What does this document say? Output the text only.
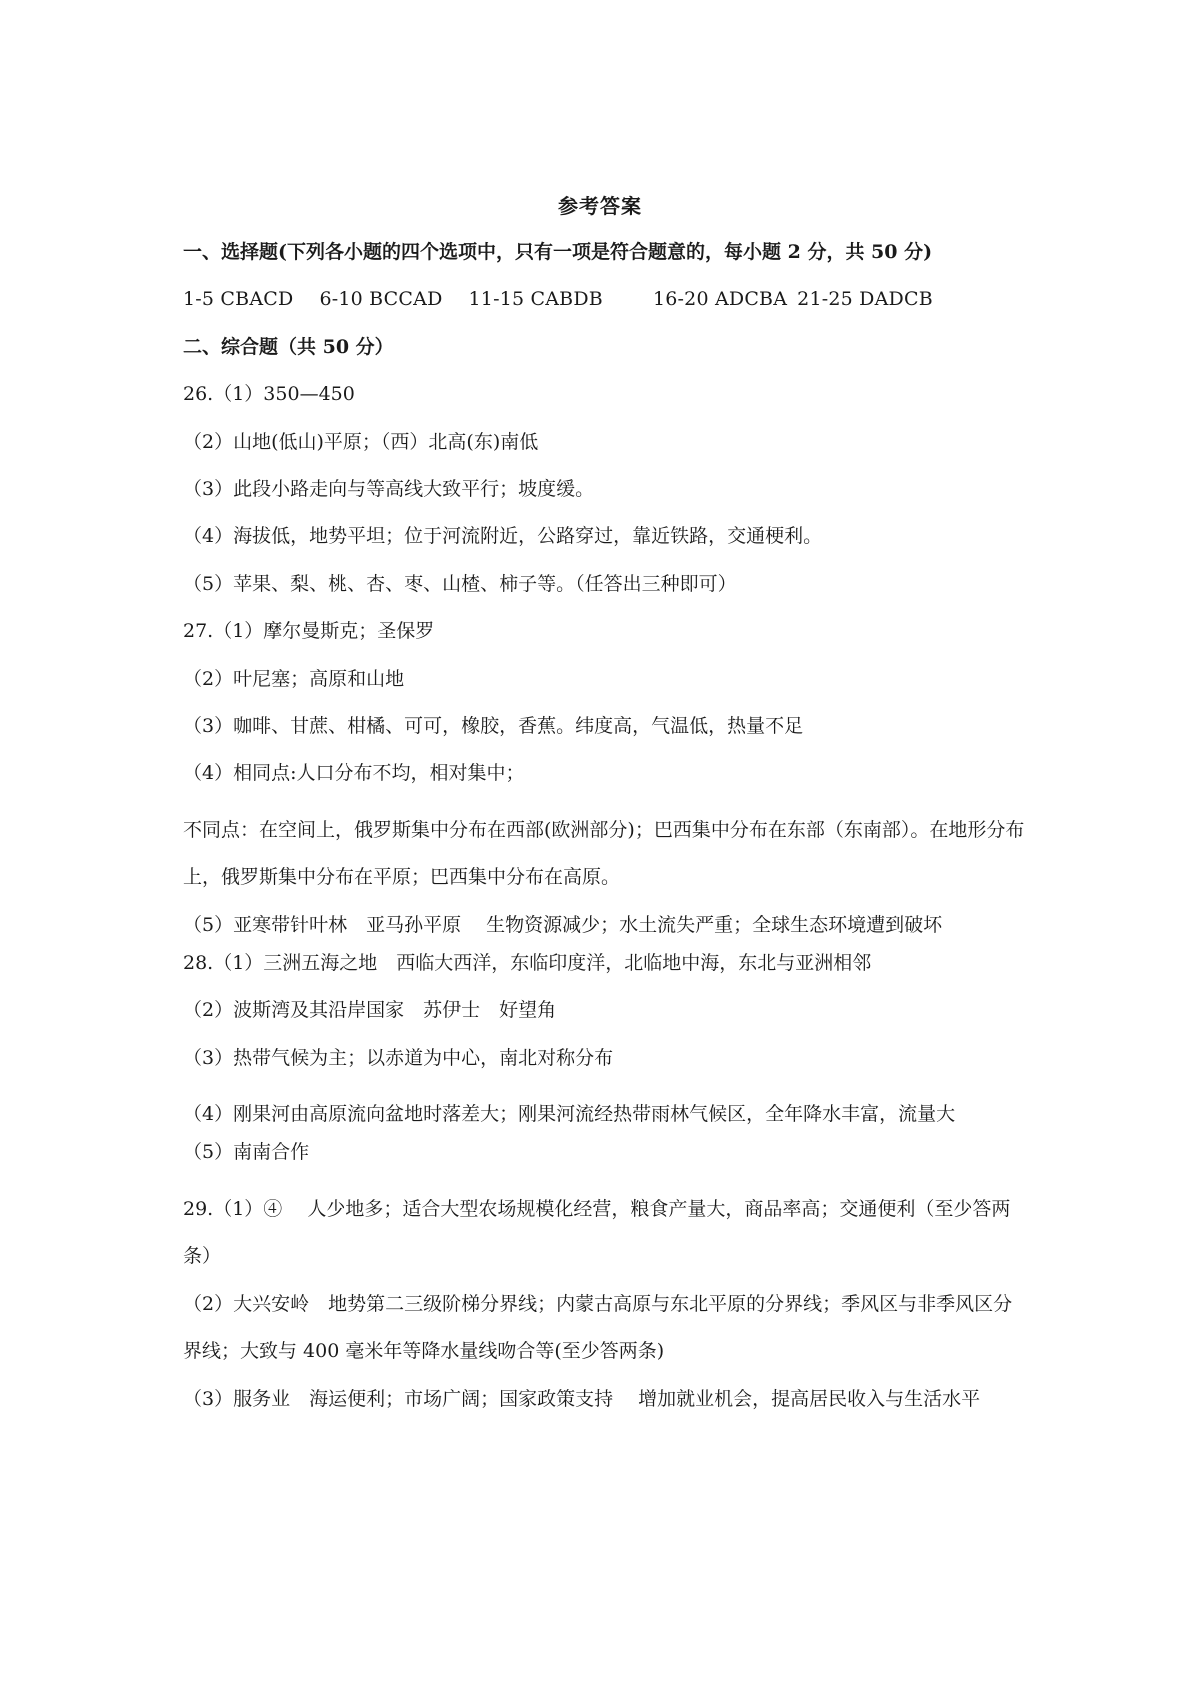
参考答案
一、选择题(下列各小题的四个选项中，只有一项是符合题意的，每小题 2 分，共 50 分)
1-5 CBACD 6-10 BCCAD 11-15 CABDB	16-20 ADCBA 21-25 DADCB
二、综合题（共 50 分）
26.（1）350—450
（2）山地(低山)平原；（西）北高(东)南低
（3）此段小路走向与等高线大致平行；坡度缓。
（4）海拔低，地势平坦；位于河流附近，公路穿过，靠近铁路，交通梗利。
（5）苹果、梨、桃、杏、枣、山楂、柿子等。（任答出三种即可）
27.（1）摩尔曼斯克；圣保罗
（2）叶尼塞；高原和山地
（3）咖啡、甘蔗、柑橘、可可，橡胶，香蕉。纬度高，气温低，热量不足
（4）相同点:人口分布不均，相对集中；
不同点：在空间上，俄罗斯集中分布在西部(欧洲部分)；巴西集中分布在东部（东南部）。在地形分布上，俄罗斯集中分布在平原；巴西集中分布在高原。
（5）亚寒带针叶林　亚马孙平原　 生物资源减少；水土流失严重；全球生态环境遭到破坏
28.（1）三洲五海之地　西临大西洋，东临印度洋，北临地中海，东北与亚洲相邻
（2）波斯湾及其沿岸国家　苏伊士　好望角
（3）热带气候为主；以赤道为中心，南北对称分布
（4）刚果河由高原流向盆地时落差大；刚果河流经热带雨林气候区，全年降水丰富，流量大
（5）南南合作
29.（1）④　 人少地多；适合大型农场规模化经营，粮食产量大，商品率高；交通便利（至少答两条）
（2）大兴安岭　地势第二三级阶梯分界线；内蒙古高原与东北平原的分界线；季风区与非季风区分界线；大致与 400 毫米年等降水量线吻合等(至少答两条)
（3）服务业　海运便利；市场广阔；国家政策支持　 增加就业机会，提高居民收入与生活水平
